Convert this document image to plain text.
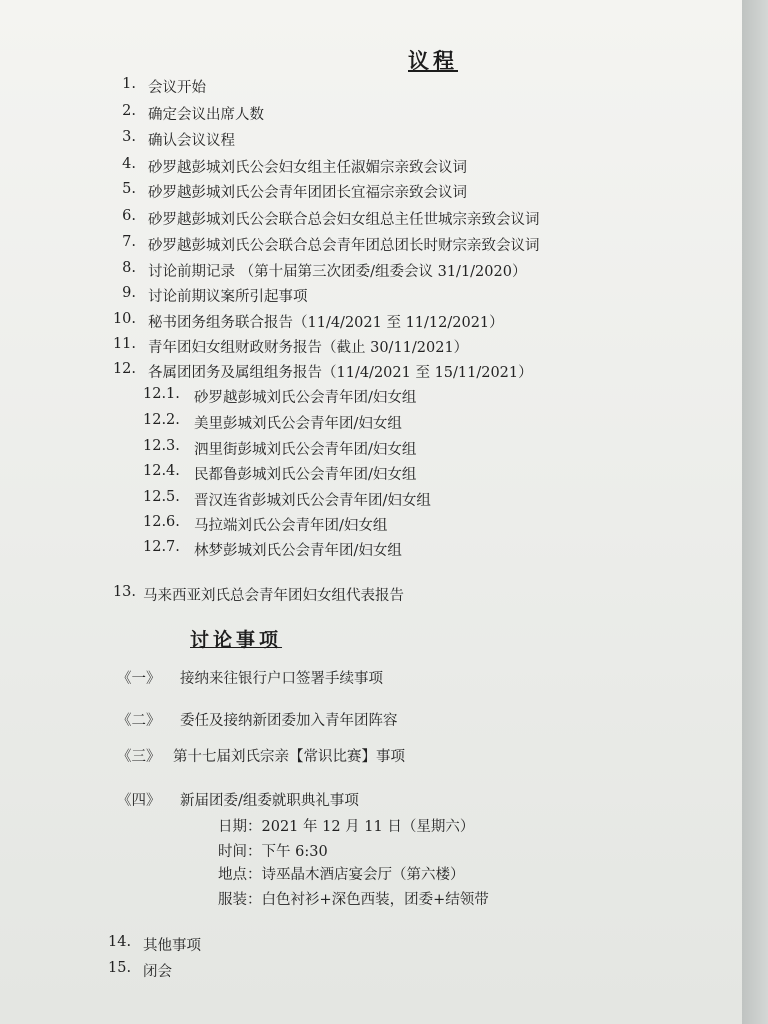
议程
1. 会议开始
2. 确定会议出席人数
3. 确认会议议程
4. 砂罗越彭城刘氏公会妇女组主任淑媚宗亲致会议词
5. 砂罗越彭城刘氏公会青年团团长宜福宗亲致会议词
6. 砂罗越彭城刘氏公会联合总会妇女组总主任世城宗亲致会议词
7. 砂罗越彭城刘氏公会联合总会青年团总团长时财宗亲致会议词
8. 讨论前期记录 （第十届第三次团委/组委会议 31/1/2020）
9. 讨论前期议案所引起事项
10. 秘书团务组务联合报告（11/4/2021 至 11/12/2021）
11. 青年团妇女组财政财务报告（截止 30/11/2021）
12. 各属团团务及属组组务报告（11/4/2021 至 15/11/2021）
12.1. 砂罗越彭城刘氏公会青年团/妇女组
12.2. 美里彭城刘氏公会青年团/妇女组
12.3. 泗里街彭城刘氏公会青年团/妇女组
12.4. 民都鲁彭城刘氏公会青年团/妇女组
12.5. 晋汉连省彭城刘氏公会青年团/妇女组
12.6. 马拉端刘氏公会青年团/妇女组
12.7. 林梦彭城刘氏公会青年团/妇女组
13. 马来西亚刘氏总会青年团妇女组代表报告
讨论事项
《一》 接纳来往银行户口签署手续事项
《二》 委任及接纳新团委加入青年团阵容
《三》 第十七届刘氏宗亲【常识比赛】事项
《四》 新届团委/组委就职典礼事项
日期：2021 年 12 月 11 日（星期六）
时间：下午 6:30
地点：诗巫晶木酒店宴会厅（第六楼）
服装：白色衬衫+深色西装，团委+结领带
14. 其他事项
15. 闭会
